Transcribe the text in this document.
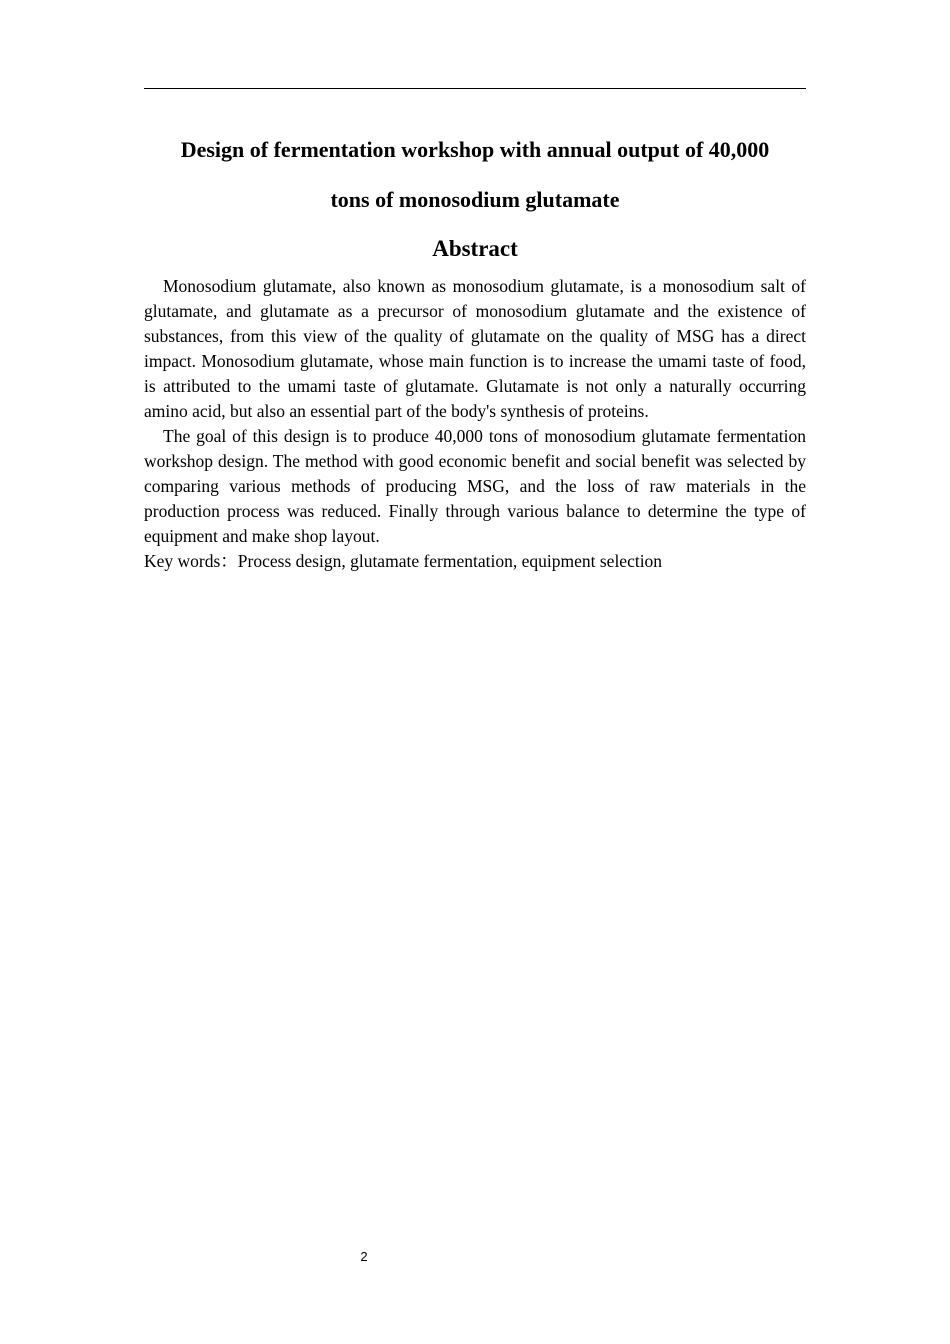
Design of fermentation workshop with annual output of 40,000
tons of monosodium glutamate
Abstract

Monosodium glutamate, also known as monosodium glutamate, is a monosodium salt of glutamate, and glutamate as a precursor of monosodium glutamate and the existence of substances, from this view of the quality of glutamate on the quality of MSG has a direct impact. Monosodium glutamate, whose main function is to increase the umami taste of food, is attributed to the umami taste of glutamate. Glutamate is not only a naturally occurring amino acid, but also an essential part of the body's synthesis of proteins.

The goal of this design is to produce 40,000 tons of monosodium glutamate fermentation workshop design. The method with good economic benefit and social benefit was selected by comparing various methods of producing MSG, and the loss of raw materials in the production process was reduced. Finally through various balance to determine the type of equipment and make shop layout.

Key words：Process design, glutamate fermentation, equipment selection

2
